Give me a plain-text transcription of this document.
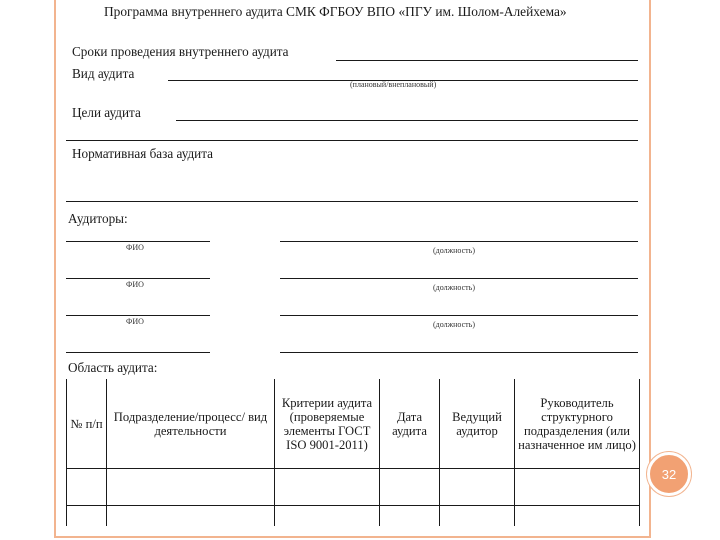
Программа внутреннего аудита СМК ФГБОУ ВПО «ПГУ им. Шолом-Алейхема»
Сроки проведения внутреннего аудита
Вид аудита
(плановый/внеплановый)
Цели аудита
Нормативная база аудита
Аудиторы:
ФИО	(должность)
ФИО	(должность)
ФИО	(должность)
Область аудита:
№ п/п	Подразделение/процесс/ вид деятельности	Критерии аудита (проверяемые элементы ГОСТ ISO 9001-2011)	Дата аудита	Ведущий аудитор	Руководитель структурного подразделения (или назначенное им лицо)

32
